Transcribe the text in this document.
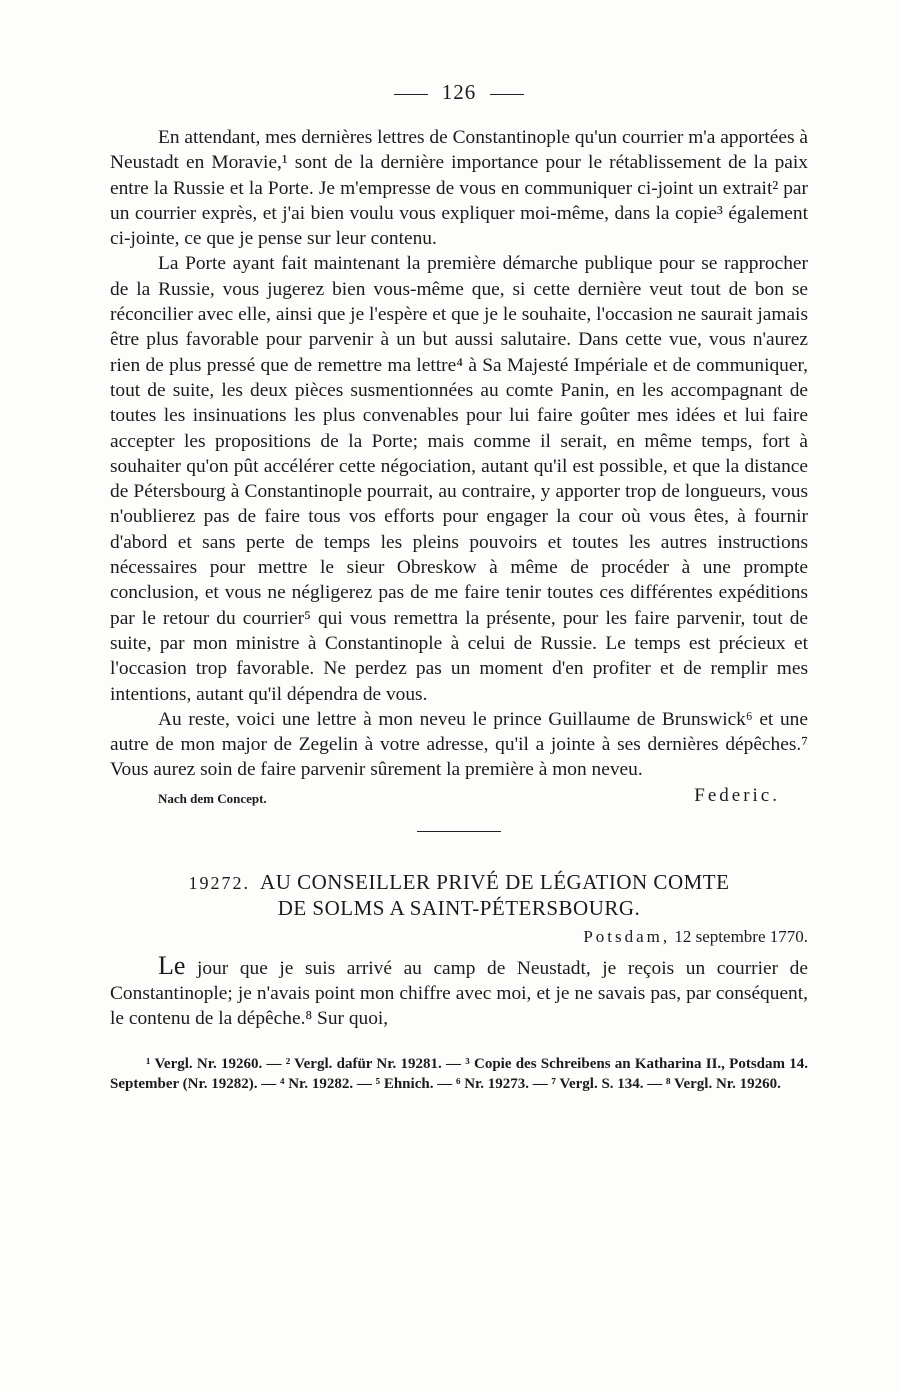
126

En attendant, mes dernières lettres de Constantinople qu'un courrier m'a apportées à Neustadt en Moravie,¹ sont de la dernière importance pour le rétablissement de la paix entre la Russie et la Porte. Je m'empresse de vous en communiquer ci-joint un extrait² par un courrier exprès, et j'ai bien voulu vous expliquer moi-même, dans la copie³ également ci-jointe, ce que je pense sur leur contenu.

La Porte ayant fait maintenant la première démarche publique pour se rapprocher de la Russie, vous jugerez bien vous-même que, si cette dernière veut tout de bon se réconcilier avec elle, ainsi que je l'espère et que je le souhaite, l'occasion ne saurait jamais être plus favorable pour parvenir à un but aussi salutaire. Dans cette vue, vous n'aurez rien de plus pressé que de remettre ma lettre⁴ à Sa Majesté Impériale et de communiquer, tout de suite, les deux pièces susmentionnées au comte Panin, en les accompagnant de toutes les insinuations les plus convenables pour lui faire goûter mes idées et lui faire accepter les propositions de la Porte; mais comme il serait, en même temps, fort à souhaiter qu'on pût accélérer cette négociation, autant qu'il est possible, et que la distance de Pétersbourg à Constantinople pourrait, au contraire, y apporter trop de longueurs, vous n'oublierez pas de faire tous vos efforts pour engager la cour où vous êtes, à fournir d'abord et sans perte de temps les pleins pouvoirs et toutes les autres instructions nécessaires pour mettre le sieur Obreskow à même de procéder à une prompte conclusion, et vous ne négligerez pas de me faire tenir toutes ces différentes expéditions par le retour du courrier⁵ qui vous remettra la présente, pour les faire parvenir, tout de suite, par mon ministre à Constantinople à celui de Russie. Le temps est précieux et l'occasion trop favorable. Ne perdez pas un moment d'en profiter et de remplir mes intentions, autant qu'il dépendra de vous.

Au reste, voici une lettre à mon neveu le prince Guillaume de Brunswick⁶ et une autre de mon major de Zegelin à votre adresse, qu'il a jointe à ses dernières dépêches.⁷ Vous aurez soin de faire parvenir sûrement la première à mon neveu.

Nach dem Concept.	Federic.
19272. AU CONSEILLER PRIVÉ DE LÉGATION COMTE
DE SOLMS A SAINT-PÉTERSBOURG.
Potsdam, 12 septembre 1770.

Le jour que je suis arrivé au camp de Neustadt, je reçois un courrier de Constantinople; je n'avais point mon chiffre avec moi, et je ne savais pas, par conséquent, le contenu de la dépêche.⁸ Sur quoi,

¹ Vergl. Nr. 19260. — ² Vergl. dafür Nr. 19281. — ³ Copie des Schreibens an Katharina II., Potsdam 14. September (Nr. 19282). — ⁴ Nr. 19282. — ⁵ Ehnich. — ⁶ Nr. 19273. — ⁷ Vergl. S. 134. — ⁸ Vergl. Nr. 19260.
